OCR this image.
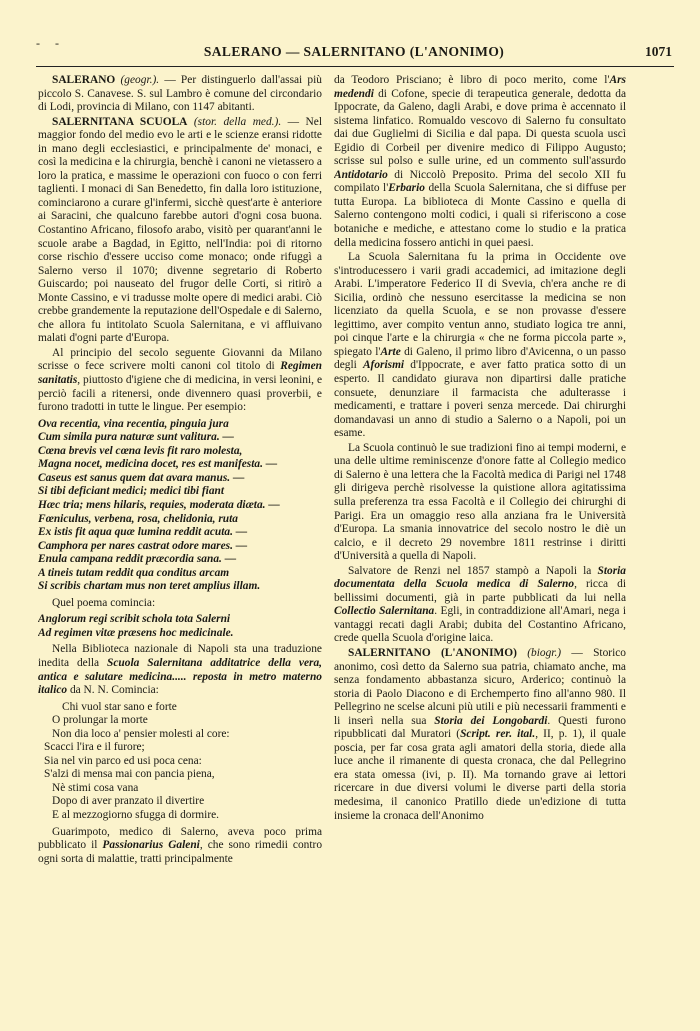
- -
SALERANO — SALERNITANO (L'ANONIMO)	1071

SALERANO (geogr.). — Per distinguerlo dall'assai più piccolo S. Canavese. S. sul Lambro è comune del circondario di Lodi, provincia di Milano, con 1147 abitanti.

SALERNITANA SCUOLA (stor. della med.). — Nel maggior fondo del medio evo le arti e le scienze eransi ridotte in mano degli ecclesiastici, e principalmente de' monaci, e così la medicina e la chirurgia, benchè i canoni ne vietassero a loro la pratica, e massime le operazioni con fuoco o con ferri taglienti. I monaci di San Benedetto, fin dalla loro istituzione, cominciarono a curare gl'infermi, sicchè quest'arte è anteriore ai Saracini, che qualcuno farebbe autori d'ogni cosa buona. Costantino Africano, filosofo arabo, visitò per quarant'anni le scuole arabe a Bagdad, in Egitto, nell'India: poi di ritorno corse rischio d'essere ucciso come monaco; onde rifuggì a Salerno verso il 1070; divenne segretario di Roberto Guiscardo; poi nauseato del frugor delle Corti, si ritirò a Monte Cassino, e vi tradusse molte opere di medici arabi. Ciò crebbe grandemente la reputazione dell'Ospedale e di Salerno, che allora fu intitolato Scuola Salernitana, e vi affluivano malati d'ogni parte d'Europa.

Al principio del secolo seguente Giovanni da Milano scrisse o fece scrivere molti canoni col titolo di Regimen sanitatis, piuttosto d'igiene che di medicina, in versi leonini, e perciò facili a ritenersi, onde divennero quasi proverbii, e furono tradotti in tutte le lingue. Per esempio:

Ova recentia, vina recentia, pinguia jura
Cum simila pura naturæ sunt valitura. —
Cœna brevis vel cœna levis fit raro molesta,
Magna nocet, medicina docet, res est manifesta. —
Caseus est sanus quem dat avara manus. —
Si tibi deficiant medici; medici tibi fiant
Hæc tria; mens hilaris, requies, moderata diæta. —
Fœniculus, verbena, rosa, chelidonia, ruta
Ex istis fit aqua quæ lumina reddit acuta. —
Camphora per nares castrat odore mares. —
Enula campana reddit præcordia sana. —
A tineis tutam reddit qua conditus arcam
Si scribis chartam mus non teret amplius illam.

Quel poema comincia:

Anglorum regi scribit schola tota Salerni
Ad regimen vitæ præsens hoc medicinale.

Nella Biblioteca nazionale di Napoli sta una traduzione inedita della Scuola Salernitana additatrice della vera, antica e salutare medicina..... reposta in metro materno italico da N. N. Comincia:

Chi vuol star sano e forte
O prolungar la morte
Non dia loco a' pensier molesti al core:
Scacci l'ira e il furore;
Sia nel vin parco ed usi poca cena:
S'alzi di mensa mai con pancia piena,
Nè stimi cosa vana
Dopo di aver pranzato il divertire
E al mezzogiorno sfugga di dormire.

Guarimpoto, medico di Salerno, aveva poco prima pubblicato il Passionarius Galeni, che sono rimedii contro ogni sorta di malattie, tratti principalmente

da Teodoro Prisciano; è libro di poco merito, come l'Ars medendi di Cofone, specie di terapeutica generale, dedotta da Ippocrate, da Galeno, dagli Arabi, e dove prima è accennato il sistema linfatico. Romualdo vescovo di Salerno fu consultato dai due Guglielmi di Sicilia e dal papa. Di questa scuola uscì Egidio di Corbeil per divenire medico di Filippo Augusto; scrisse sul polso e sulle urine, ed un commento sull'assurdo Antidotario di Niccolò Preposito. Prima del secolo XII fu compilato l'Erbario della Scuola Salernitana, che si diffuse per tutta Europa. La biblioteca di Monte Cassino e quella di Salerno contengono molti codici, i quali si riferiscono a cose botaniche e mediche, e attestano come lo studio e la pratica della medicina fossero antichi in quei paesi.

La Scuola Salernitana fu la prima in Occidente ove s'introducessero i varii gradi accademici, ad imitazione degli Arabi. L'imperatore Federico II di Svevia, ch'era anche re di Sicilia, ordinò che nessuno esercitasse la medicina se non licenziato da quella Scuola, e se non provasse d'essere legittimo, aver compito ventun anno, studiato logica tre anni, poi cinque l'arte e la chirurgia « che ne forma piccola parte », spiegato l'Arte di Galeno, il primo libro d'Avicenna, o un passo degli Aforismi d'Ippocrate, e aver fatto pratica sotto di un esperto. Il candidato giurava non dipartirsi dalle pratiche consuete, denunziare il farmacista che adulterasse i medicamenti, e trattare i poveri senza mercede. Dai chirurghi domandavasi un anno di studio a Salerno o a Napoli, poi un esame.

La Scuola continuò le sue tradizioni fino ai tempi moderni, e una delle ultime reminiscenze d'onore fatte al Collegio medico di Salerno è una lettera che la Facoltà medica di Parigi nel 1748 gli dirigeva perchè risolvesse la quistione allora agitatissima sulla preferenza tra essa Facoltà e il Collegio dei chirurghi di Parigi. Era un omaggio reso alla anziana fra le Università d'Europa. La smania innovatrice del secolo nostro le diè un calcio, e il decreto 29 novembre 1811 restrinse i diritti d'Università a quella di Napoli.

Salvatore de Renzi nel 1857 stampò a Napoli la Storia documentata della Scuola medica di Salerno, ricca di bellissimi documenti, già in parte pubblicati da lui nella Collectio Salernitana. Egli, in contraddizione all'Amari, nega i vantaggi recati dagli Arabi; dubita del Costantino Africano, crede quella Scuola d'origine laica.

SALERNITANO (L'ANONIMO) (biogr.) — Storico anonimo, così detto da Salerno sua patria, chiamato anche, ma senza fondamento abbastanza sicuro, Arderico; continuò la storia di Paolo Diacono e di Erchemperto fino all'anno 980. Il Pellegrino ne scelse alcuni più utili e più necessarii frammenti e li inserì nella sua Storia dei Longobardi. Questi furono ripubblicati dal Muratori (Script. rer. ital., II, p. 1), il quale poscia, per far cosa grata agli amatori della storia, diede alla luce anche il rimanente di questa cronaca, che dal Pellegrino era stata omessa (ivi, p. II). Ma tornando grave ai lettori ricercare in due diversi volumi le diverse parti della storia medesima, il canonico Pratillo diede un'edizione di tutta insieme la cronaca dell'Anonimo
